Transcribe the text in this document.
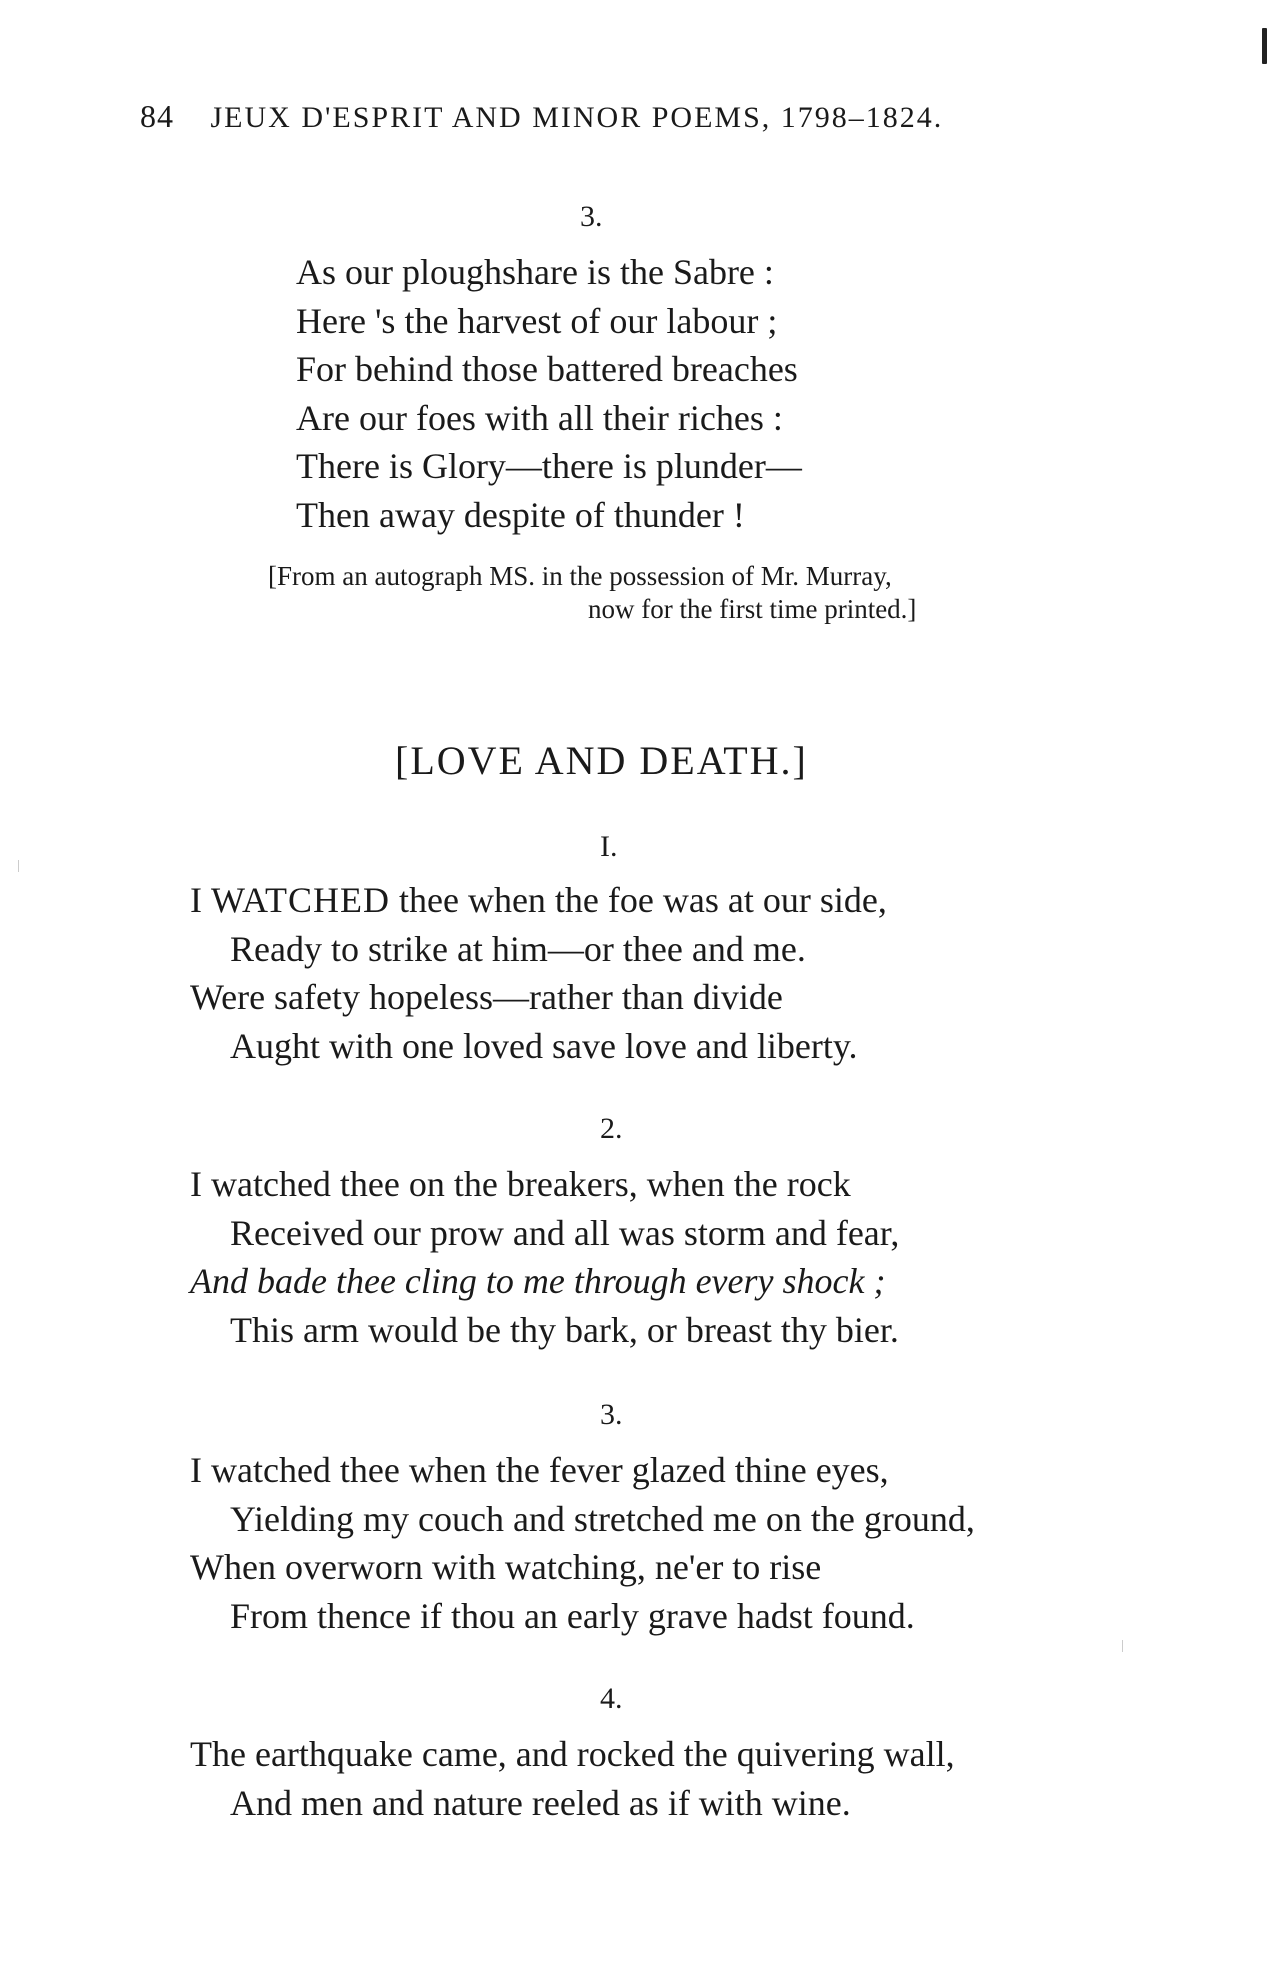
84 JEUX D'ESPRIT AND MINOR POEMS, 1798–1824.
3.
As our ploughshare is the Sabre :
Here 's the harvest of our labour ;
For behind those battered breaches
Are our foes with all their riches :
There is Glory—there is plunder—
Then away despite of thunder !
[From an autograph MS. in the possession of Mr. Murray,
now for the first time printed.]
[LOVE AND DEATH.]
I.
I WATCHED thee when the foe was at our side,
Ready to strike at him—or thee and me.
Were safety hopeless—rather than divide
Aught with one loved save love and liberty.
2.
I watched thee on the breakers, when the rock
Received our prow and all was storm and fear,
And bade thee cling to me through every shock ;
This arm would be thy bark, or breast thy bier.
3.
I watched thee when the fever glazed thine eyes,
Yielding my couch and stretched me on the ground,
When overworn with watching, ne'er to rise
From thence if thou an early grave hadst found.
4.
The earthquake came, and rocked the quivering wall,
And men and nature reeled as if with wine.
